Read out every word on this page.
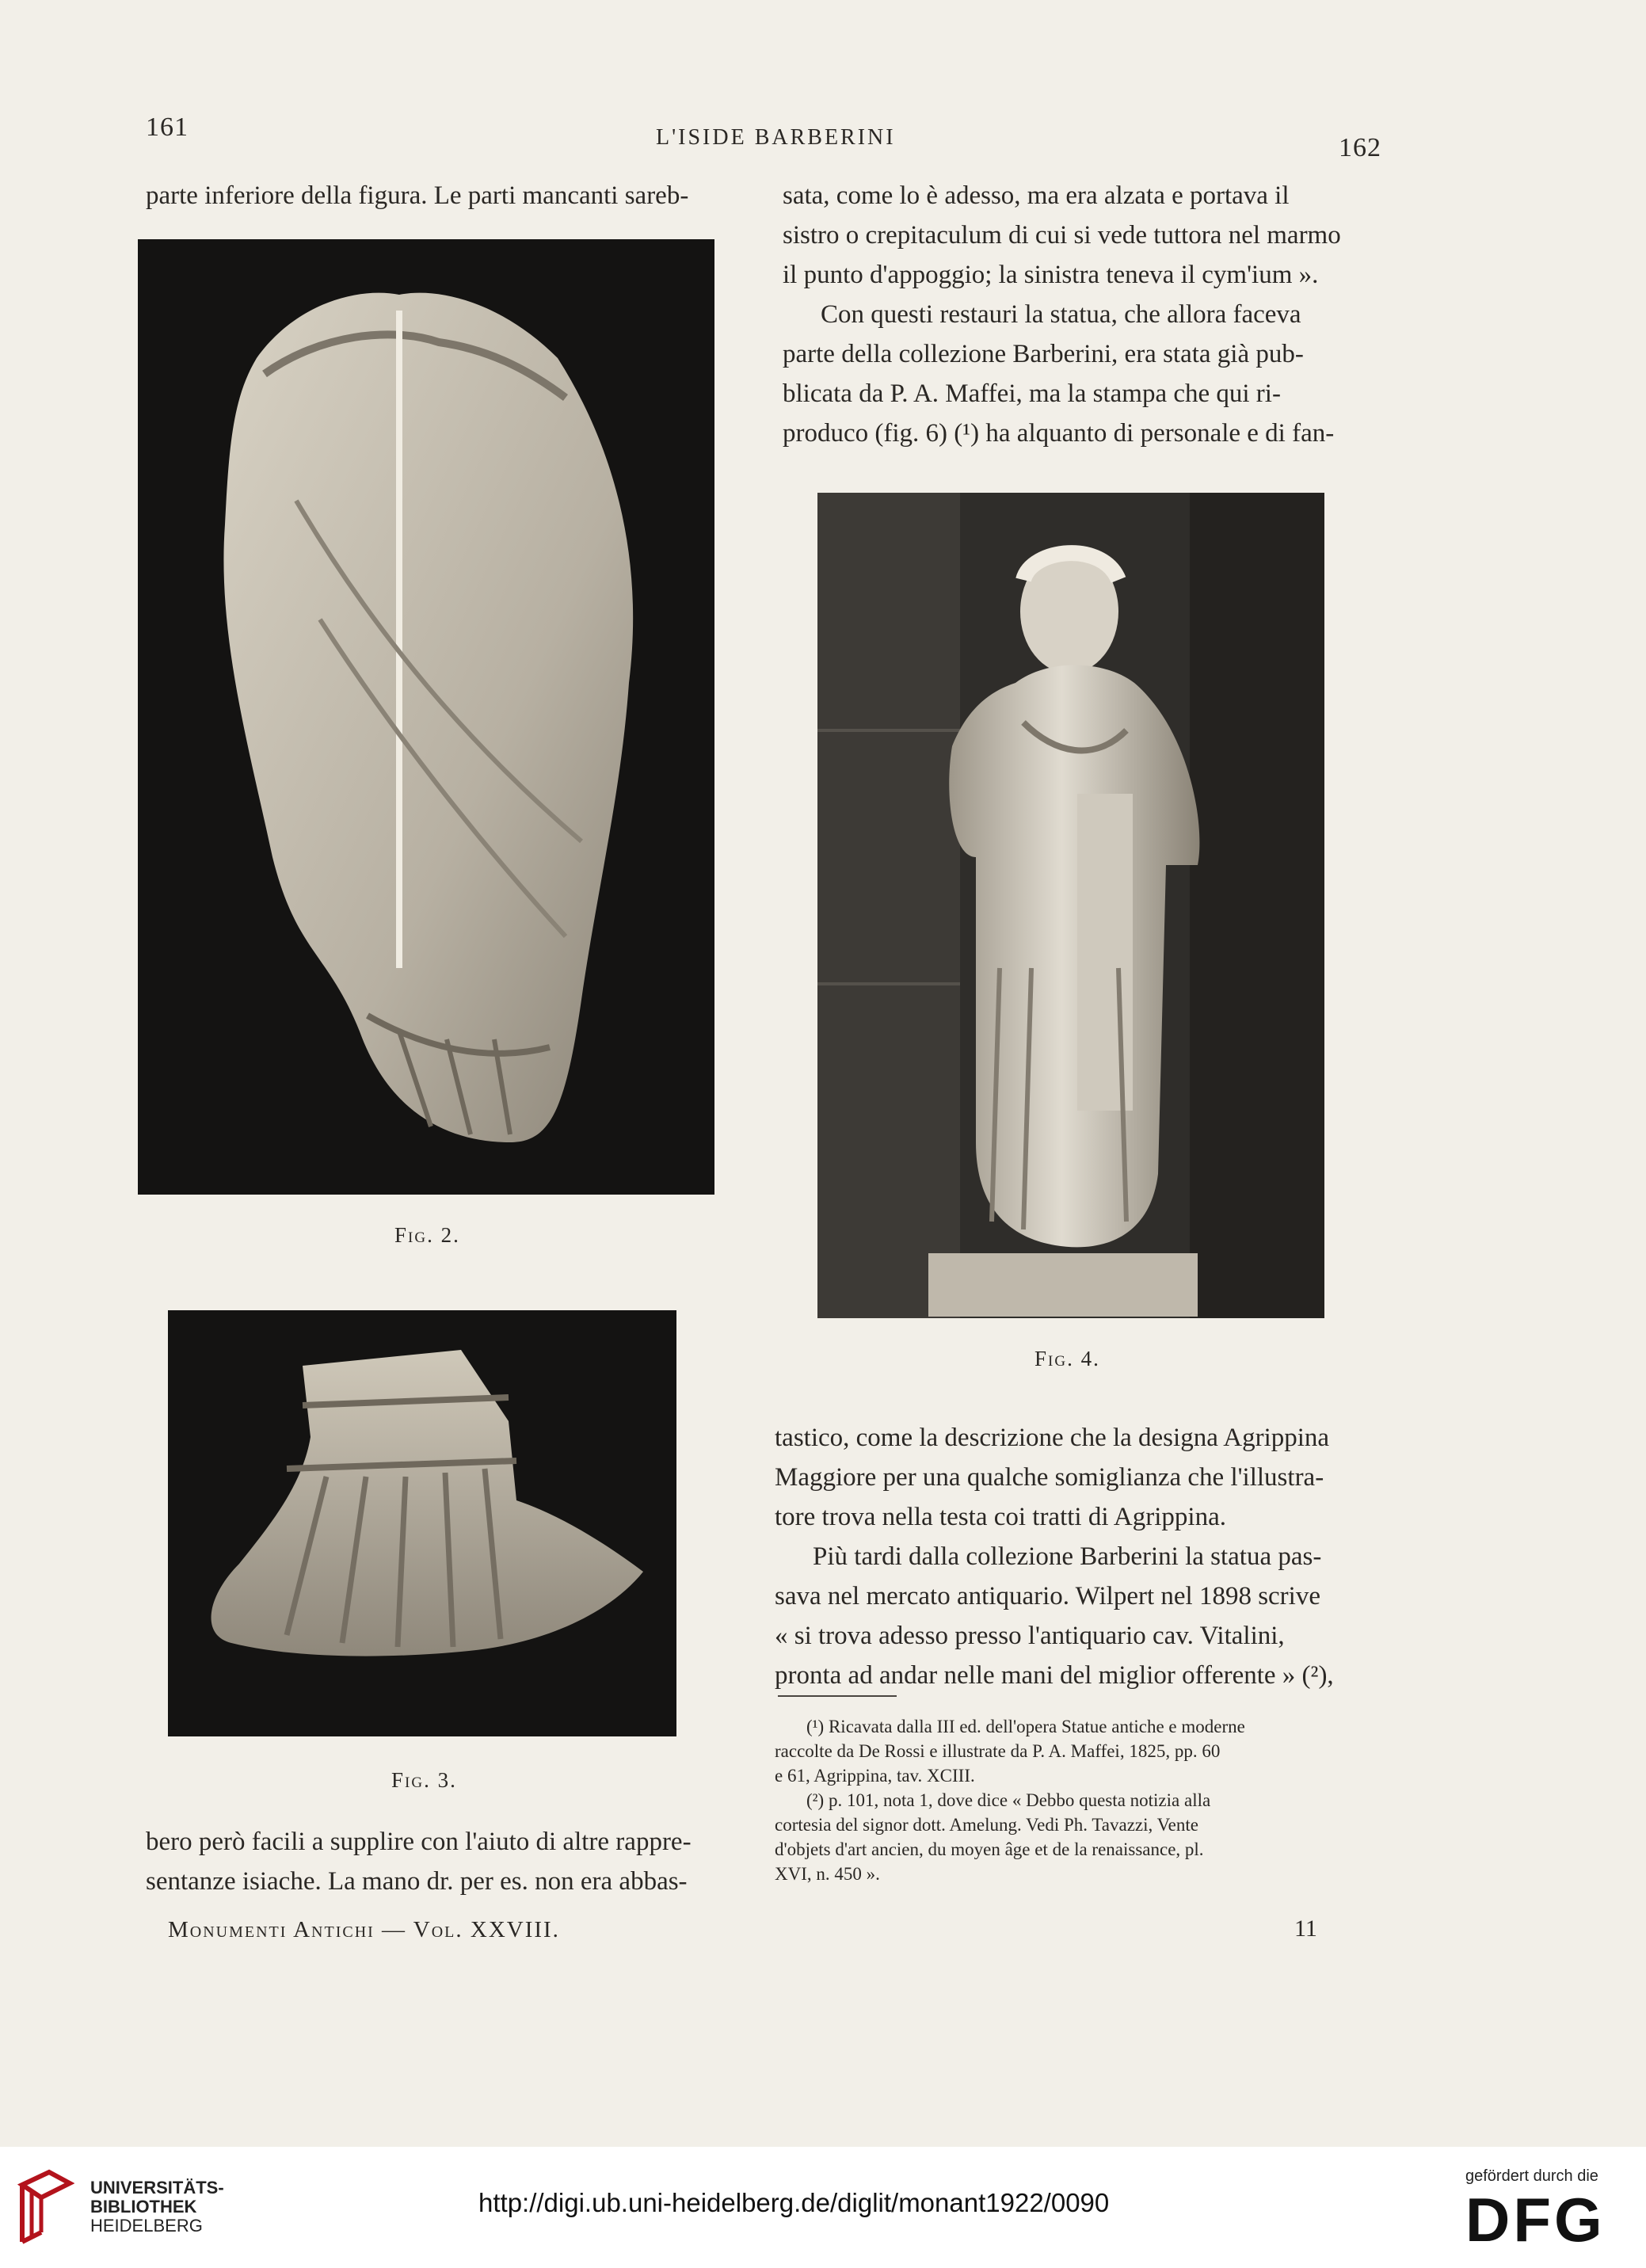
161	L'ISIDE BARBERINI	162
parte inferiore della figura. Le parti mancanti sareb-
Fig. 2.
Fig. 3.
bero però facili a supplire con l'aiuto di altre rappre-
sentanze isiache. La mano dr. per es. non era abbas-
sata, come lo è adesso, ma era alzata e portava il
sistro o crepitaculum di cui si vede tuttora nel marmo
il punto d'appoggio; la sinistra teneva il cym'ium ».
Con questi restauri la statua, che allora faceva
parte della collezione Barberini, era stata già pub-
blicata da P. A. Maffei, ma la stampa che qui ri-
produco (fig. 6) (¹) ha alquanto di personale e di fan-
Fig. 4.
tastico, come la descrizione che la designa Agrippina
Maggiore per una qualche somiglianza che l'illustra-
tore trova nella testa coi tratti di Agrippina.
Più tardi dalla collezione Barberini la statua pas-
sava nel mercato antiquario. Wilpert nel 1898 scrive
« si trova adesso presso l'antiquario cav. Vitalini,
pronta ad andar nelle mani del miglior offerente » (²),
(¹) Ricavata dalla III ed. dell'opera Statue antiche e moderne
raccolte da De Rossi e illustrate da P. A. Maffei, 1825, pp. 60
e 61, Agrippina, tav. XCIII.
(²) p. 101, nota 1, dove dice « Debbo questa notizia alla
cortesia del signor dott. Amelung. Vedi Ph. Tavazzi, Vente
d'objets d'art ancien, du moyen âge et de la renaissance, pl.
XVI, n. 450 ».
Monumenti Antichi — Vol. XXVIII.	11
UNIVERSITÄTS-
BIBLIOTHEK
HEIDELBERG
http://digi.ub.uni-heidelberg.de/diglit/monant1922/0090
gefördert durch die
DFG
